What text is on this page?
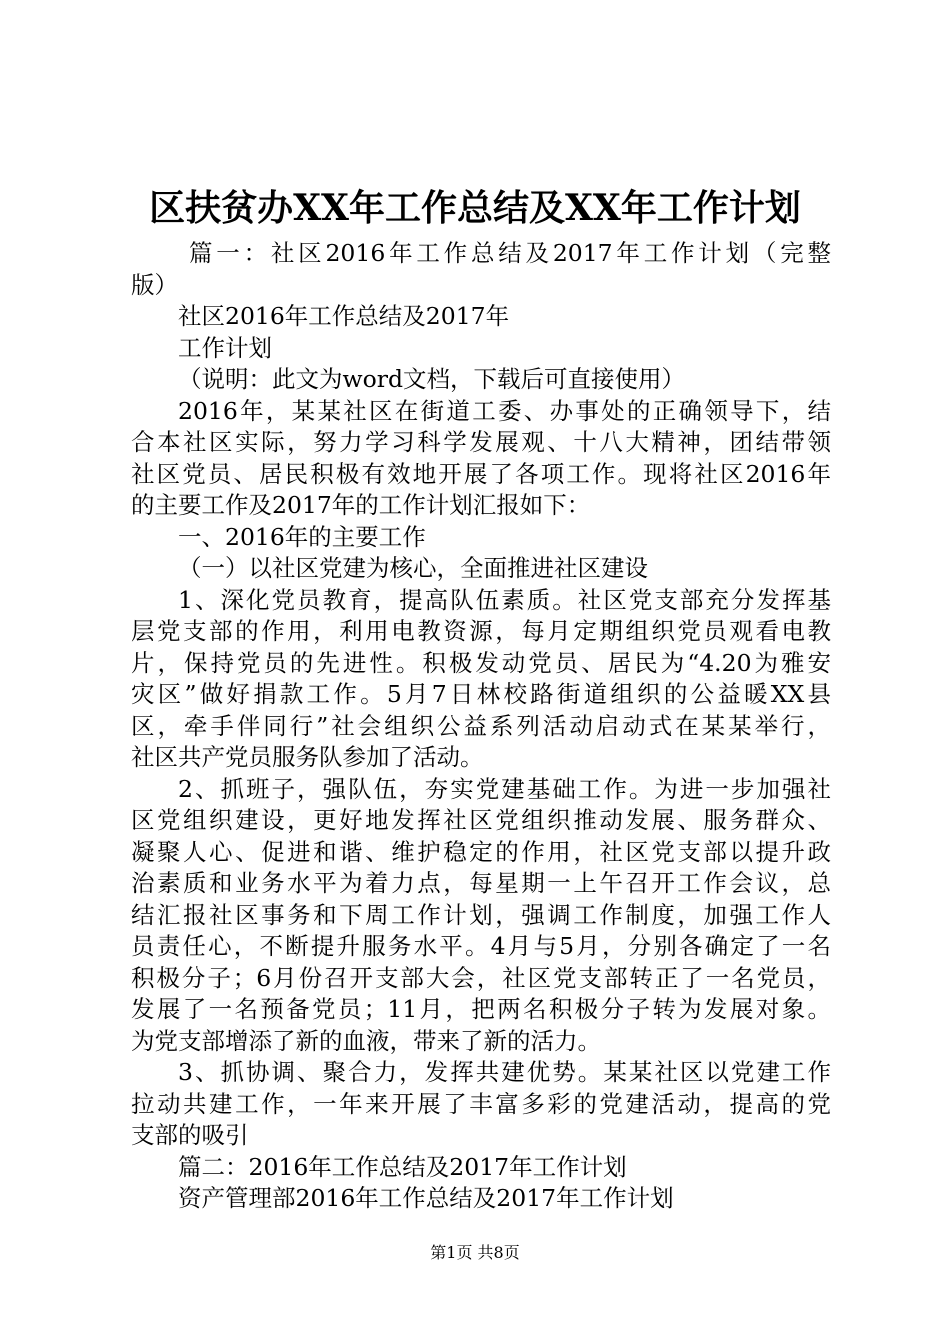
区扶贫办XX年工作总结及XX年工作计划
篇一：社区2016年工作总结及2017年工作计划（完整
版）
社区2016年工作总结及2017年
工作计划
（说明：此文为word文档，下载后可直接使用）
2016年，某某社区在街道工委、办事处的正确领导下，结
合本社区实际，努力学习科学发展观、十八大精神，团结带领
社区党员、居民积极有效地开展了各项工作。现将社区2016年
的主要工作及2017年的工作计划汇报如下：
一、2016年的主要工作
（一）以社区党建为核心，全面推进社区建设
1、深化党员教育，提高队伍素质。社区党支部充分发挥基
层党支部的作用，利用电教资源，每月定期组织党员观看电教
片，保持党员的先进性。积极发动党员、居民为“4.20为雅安
灾区”做好捐款工作。5月7日林校路街道组织的公益暖XX县
区，牵手伴同行”社会组织公益系列活动启动式在某某举行，
社区共产党员服务队参加了活动。
2、抓班子，强队伍，夯实党建基础工作。为进一步加强社
区党组织建设，更好地发挥社区党组织推动发展、服务群众、
凝聚人心、促进和谐、维护稳定的作用，社区党支部以提升政
治素质和业务水平为着力点，每星期一上午召开工作会议，总
结汇报社区事务和下周工作计划，强调工作制度，加强工作人
员责任心，不断提升服务水平。4月与5月，分别各确定了一名
积极分子；6月份召开支部大会，社区党支部转正了一名党员，
发展了一名预备党员；11月，把两名积极分子转为发展对象。
为党支部增添了新的血液，带来了新的活力。
3、抓协调、聚合力，发挥共建优势。某某社区以党建工作
拉动共建工作，一年来开展了丰富多彩的党建活动，提高的党
支部的吸引
篇二：2016年工作总结及2017年工作计划
资产管理部2016年工作总结及2017年工作计划
第1页 共8页
